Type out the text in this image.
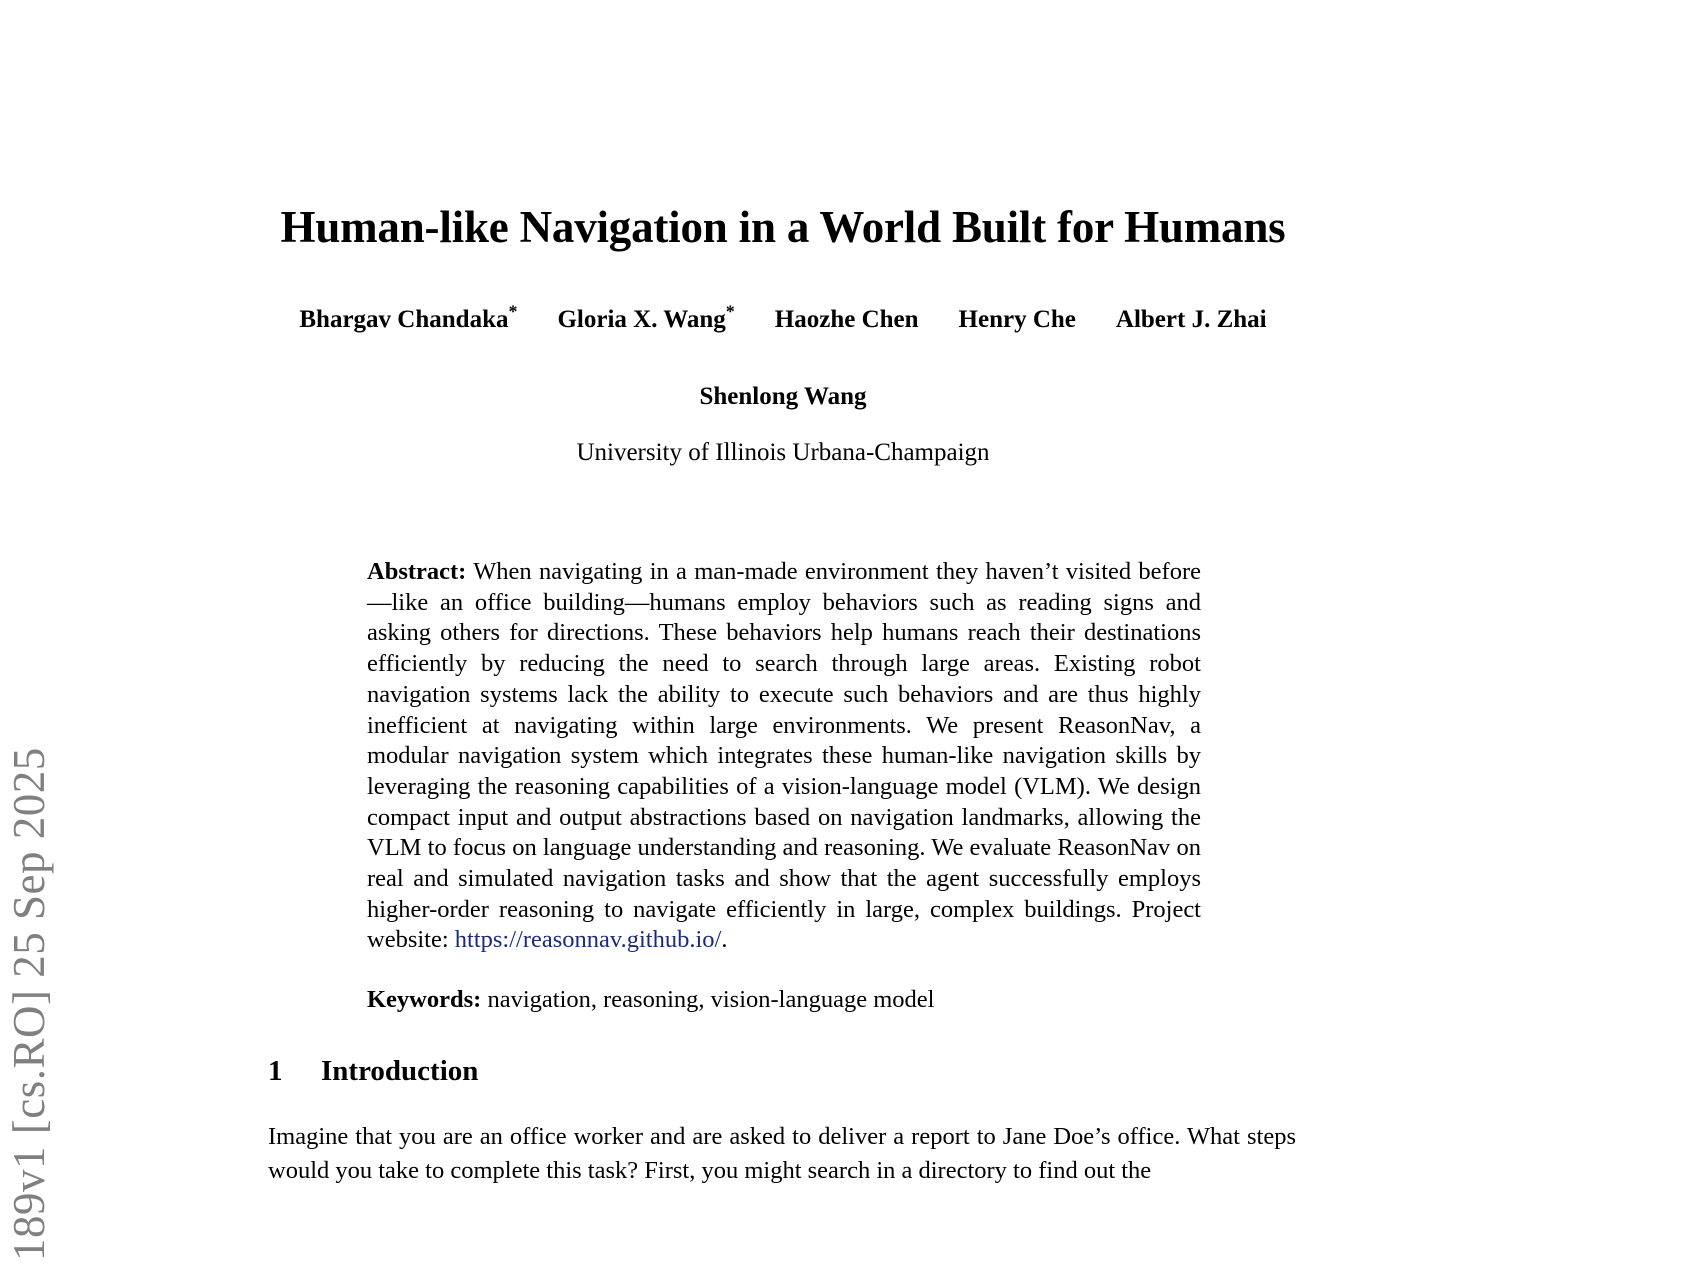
189v1 [cs.RO] 25 Sep 2025
Human-like Navigation in a World Built for Humans
Bhargav Chandaka* Gloria X. Wang* Haozhe Chen Henry Che Albert J. Zhai
Shenlong Wang
University of Illinois Urbana-Champaign

Abstract: When navigating in a man-made environment they haven’t visited before—like an office building—humans employ behaviors such as reading signs and asking others for directions. These behaviors help humans reach their destinations efficiently by reducing the need to search through large areas. Existing robot navigation systems lack the ability to execute such behaviors and are thus highly inefficient at navigating within large environments. We present ReasonNav, a modular navigation system which integrates these human-like navigation skills by leveraging the reasoning capabilities of a vision-language model (VLM). We design compact input and output abstractions based on navigation landmarks, allowing the VLM to focus on language understanding and reasoning. We evaluate ReasonNav on real and simulated navigation tasks and show that the agent successfully employs higher-order reasoning to navigate efficiently in large, complex buildings. Project website: https://reasonnav.github.io/.

Keywords: navigation, reasoning, vision-language model

1 Introduction

Imagine that you are an office worker and are asked to deliver a report to Jane Doe’s office. What steps would you take to complete this task? First, you might search in a directory to find out the
